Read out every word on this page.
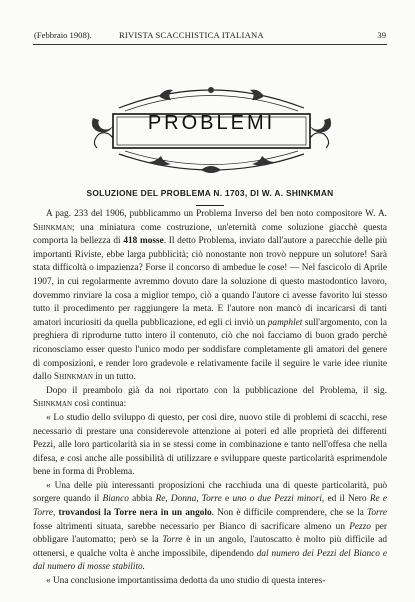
(Febbraio 1908).	RIVISTA SCACCHISTICA ITALIANA	39
PROBLEMI
SOLUZIONE DEL PROBLEMA N. 1703, DI W. A. SHINKMAN

A pag. 233 del 1906, pubblicammo un Problema Inverso del ben noto compositore W. A. Shinkman; una miniatura come costruzione, un'eternità come soluzione giacchè questa comporta la bellezza di 418 mosse. Il detto Problema, inviato dall'autore a parecchie delle più importanti Riviste, ebbe larga pubblicità; ciò nonostante non trovò neppure un solutore! Sarà stata difficoltà o impazienza? Forse il concorso di ambedue le cose! — Nel fascicolo di Aprile 1907, in cui regolarmente avremmo dovuto dare la soluzione di questo mastodontico lavoro, dovemmo rinviare la cosa a miglior tempo, ciò a quando l'autore ci avesse favorito lui stesso tutto il procedimento per raggiungere la meta. E l'autore non mancò di incaricarsi di tanti amatori incuriositi da quella pubblicazione, ed egli ci inviò un pamphlet sull'argomento, con la preghiera di riprodurne tutto intero il contenuto, ciò che noi facciamo di buon grado perchè riconosciamo esser questo l'unico modo per soddisfare completamente gli amatori del genere di composizioni, e render loro gradevole e relativamente facile il seguire le varie idee riunite dallo Shinkman in un tutto.

Dopo il preambolo già da noi riportato con la pubblicazione del Problema, il sig. Shinkman così continua:

« Lo studio dello sviluppo di questo, per così dire, nuovo stile di problemi di scacchi, rese necessario di prestare una considerevole attenzione ai poteri ed alle proprietà dei differenti Pezzi, alle loro particolarità sia in se stessi come in combinazione e tanto nell'offesa che nella difesa, e così anche alle possibilità di utilizzare e sviluppare queste particolarità esprimendole bene in forma di Problema.

« Una delle più interessanti proposizioni che racchiuda una di queste particolarità, può sorgere quando il Bianco abbia Re, Donna, Torre e uno o due Pezzi minori, ed il Nero Re e Torre, trovandosi la Torre nera in un angolo. Non è difficile comprendere, che se la Torre fosse altrimenti situata, sarebbe necessario per Bianco di sacrificare almeno un Pezzo per obbligare l'automatto; però se la Torre è in un angolo, l'autoscatto è molto più difficile ad ottenersi, e qualche volta è anche impossibile, dipendendo dal numero dei Pezzi del Bianco e dal numero di mosse stabilito.

« Una conclusione importantissima dedotta da uno studio di questa interes-
